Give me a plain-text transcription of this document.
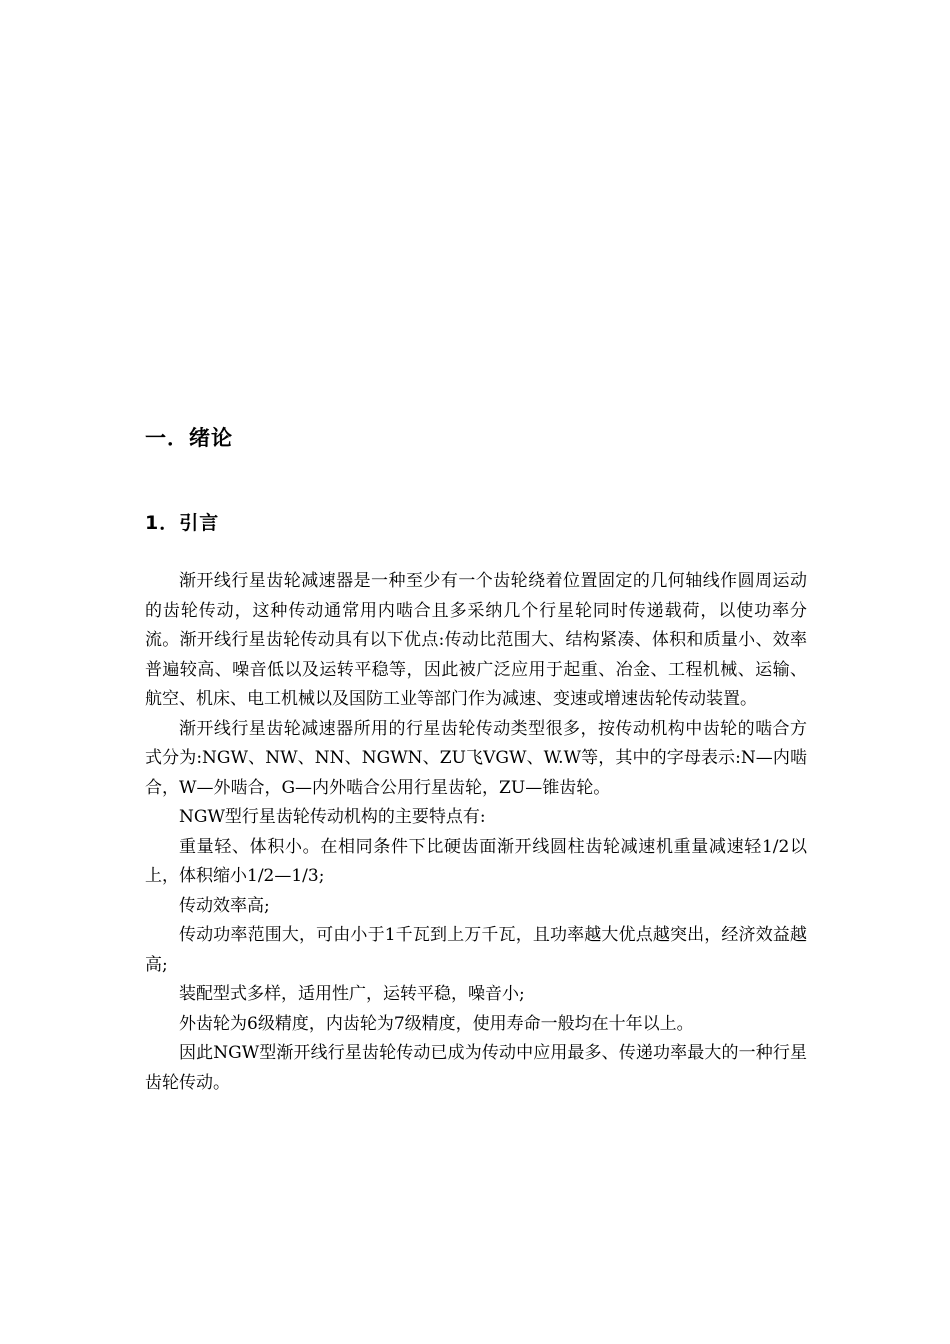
一．绪论
1．引言

渐开线行星齿轮减速器是一种至少有一个齿轮绕着位置固定的几何轴线作圆周运动的齿轮传动，这种传动通常用内啮合且多采纳几个行星轮同时传递载荷，以使功率分流。渐开线行星齿轮传动具有以下优点:传动比范围大、结构紧凑、体积和质量小、效率普遍较高、噪音低以及运转平稳等，因此被广泛应用于起重、冶金、工程机械、运输、航空、机床、电工机械以及国防工业等部门作为减速、变速或增速齿轮传动装置。

渐开线行星齿轮减速器所用的行星齿轮传动类型很多，按传动机构中齿轮的啮合方式分为:NGW、NW、NN、NGWN、ZU飞VGW、W.W等，其中的字母表示:N—内啮合，W—外啮合，G—内外啮合公用行星齿轮，ZU—锥齿轮。

NGW型行星齿轮传动机构的主要特点有:

重量轻、体积小。在相同条件下比硬齿面渐开线圆柱齿轮减速机重量减速轻1/2以上，体积缩小1/2—1/3;

传动效率高;

传动功率范围大，可由小于1千瓦到上万千瓦，且功率越大优点越突出，经济效益越高;

装配型式多样，适用性广，运转平稳，噪音小;

外齿轮为6级精度，内齿轮为7级精度，使用寿命一般均在十年以上。

因此NGW型渐开线行星齿轮传动已成为传动中应用最多、传递功率最大的一种行星齿轮传动。
